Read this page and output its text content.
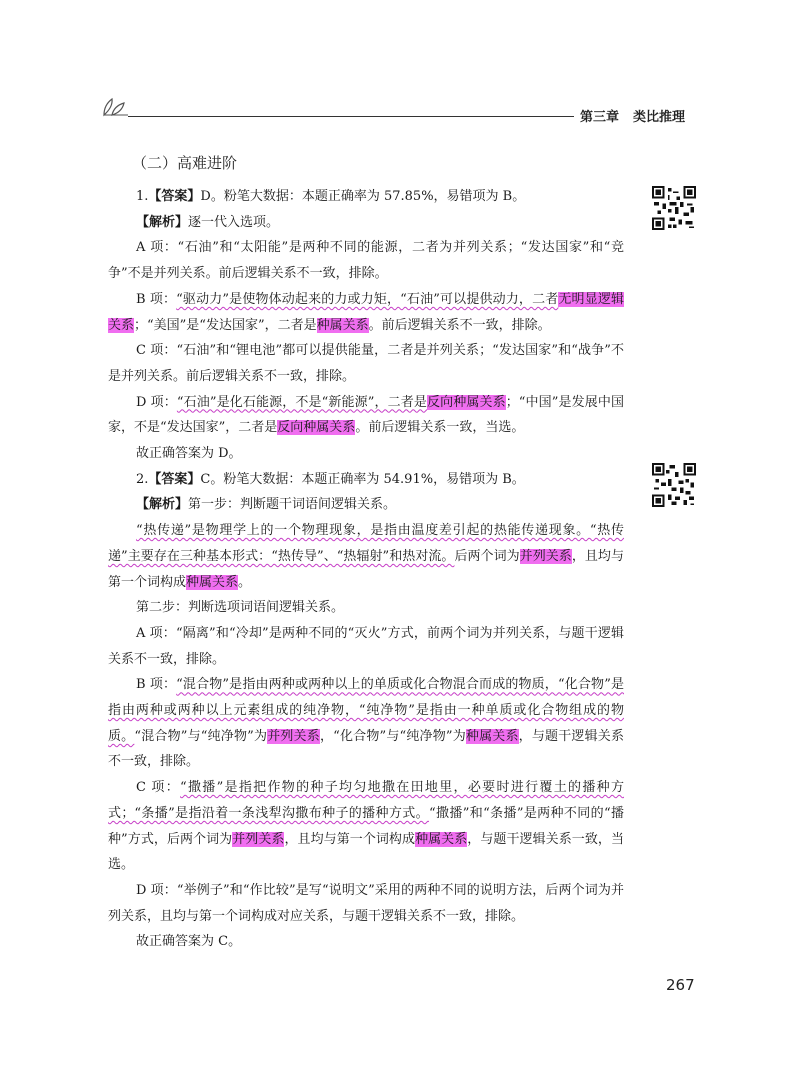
第三章 类比推理
（二）高难进阶

1.【答案】D。粉笔大数据：本题正确率为 57.85%，易错项为 B。

【解析】逐一代入选项。

A 项：“石油”和“太阳能”是两种不同的能源，二者为并列关系；“发达国家”和“竞争”不是并列关系。前后逻辑关系不一致，排除。

B 项：“驱动力”是使物体动起来的力或力矩，“石油”可以提供动力，二者无明显逻辑关系；“美国”是“发达国家”，二者是种属关系。前后逻辑关系不一致，排除。

C 项：“石油”和“锂电池”都可以提供能量，二者是并列关系；“发达国家”和“战争”不是并列关系。前后逻辑关系不一致，排除。

D 项：“石油”是化石能源，不是“新能源”，二者是反向种属关系；“中国”是发展中国家，不是“发达国家”，二者是反向种属关系。前后逻辑关系一致，当选。

故正确答案为 D。

2.【答案】C。粉笔大数据：本题正确率为 54.91%，易错项为 B。

【解析】第一步：判断题干词语间逻辑关系。

“热传递”是物理学上的一个物理现象，是指由温度差引起的热能传递现象。“热传递”主要存在三种基本形式：“热传导”、“热辐射”和热对流。后两个词为并列关系，且均与第一个词构成种属关系。

第二步：判断选项词语间逻辑关系。

A 项：“隔离”和“冷却”是两种不同的“灭火”方式，前两个词为并列关系，与题干逻辑关系不一致，排除。

B 项：“混合物”是指由两种或两种以上的单质或化合物混合而成的物质，“化合物”是指由两种或两种以上元素组成的纯净物，“纯净物”是指由一种单质或化合物组成的物质。“混合物”与“纯净物”为并列关系，“化合物”与“纯净物”为种属关系，与题干逻辑关系不一致，排除。

C 项：“撒播”是指把作物的种子均匀地撒在田地里，必要时进行覆土的播种方式；“条播”是指沿着一条浅犁沟撒布种子的播种方式。“撒播”和“条播”是两种不同的“播种”方式，后两个词为并列关系，且均与第一个词构成种属关系，与题干逻辑关系一致，当选。

D 项：“举例子”和“作比较”是写“说明文”采用的两种不同的说明方法，后两个词为并列关系，且均与第一个词构成对应关系，与题干逻辑关系不一致，排除。

故正确答案为 C。

267
